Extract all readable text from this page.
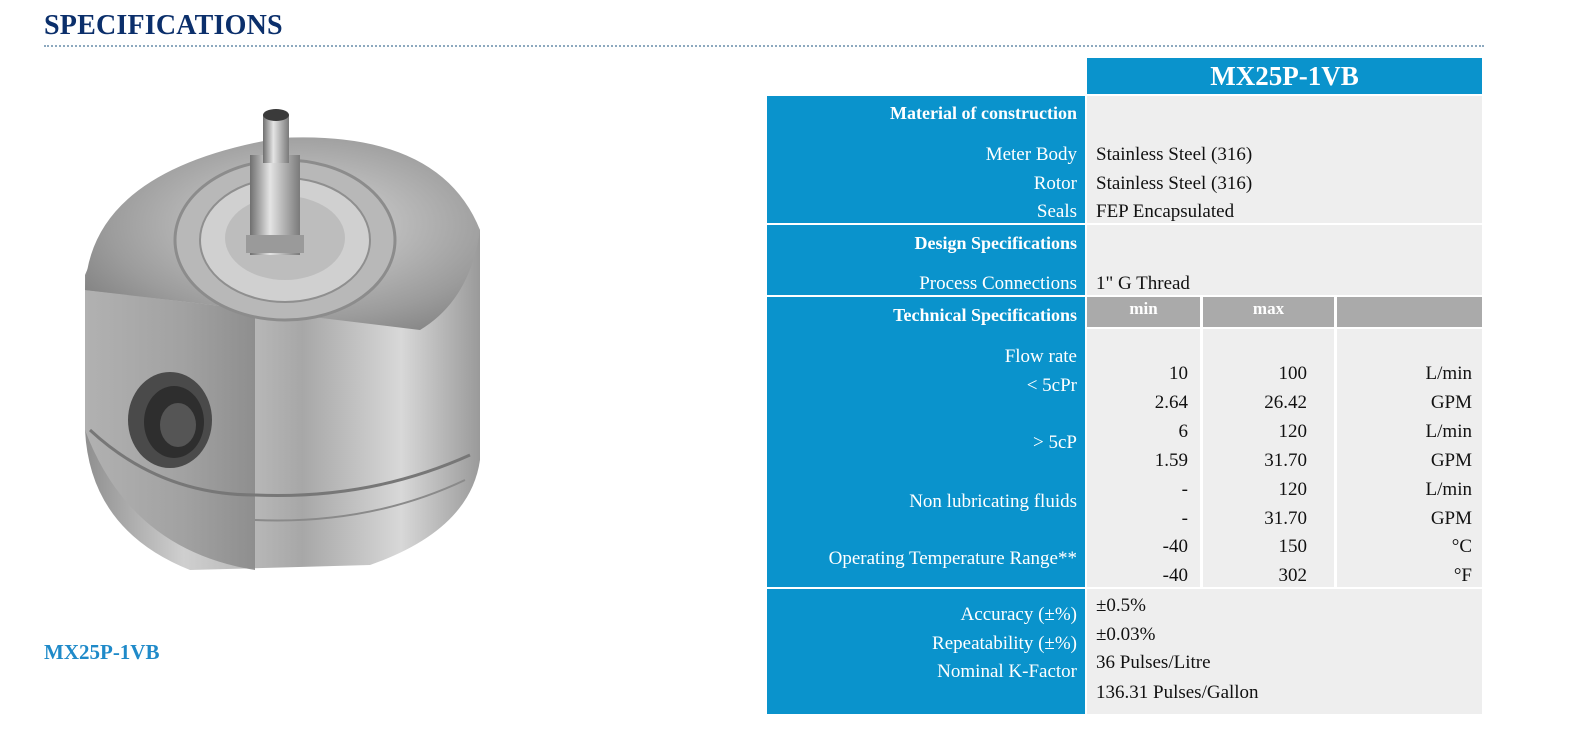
SPECIFICATIONS
MX25P-1VB
MX25P-1VB
Material of construction
Meter Body
Rotor
Seals
Stainless Steel (316)
Stainless Steel (316)
FEP Encapsulated
Design Specifications
Process Connections 1" G Thread
Technical Specifications
Flow rate
< 5cPr
> 5cP
Non lubricating fluids
Operating Temperature Range**
min	max
10
2.64
6
1.59
-
-
-40
-40
100
26.42
120
31.70
120
31.70
150
302
L/min
GPM
L/min
GPM
L/min
GPM
°C
°F
Accuracy (±%)
Repeatability (±%)
Nominal K-Factor
±0.5%
±0.03%
36 Pulses/Litre
136.31 Pulses/Gallon
